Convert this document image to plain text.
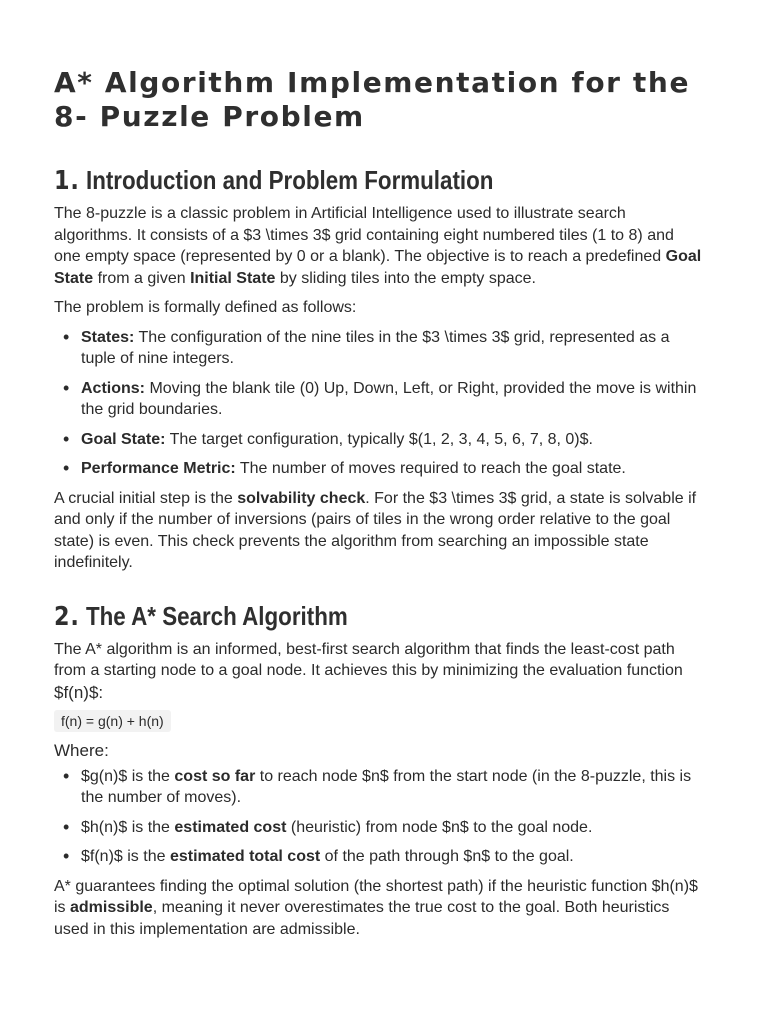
A* Algorithm Implementation for the 8- Puzzle Problem
1. Introduction and Problem Formulation

The 8-puzzle is a classic problem in Artificial Intelligence used to illustrate search algorithms. It consists of a $3 \times 3$ grid containing eight numbered tiles (1 to 8) and one empty space (represented by 0 or a blank). The objective is to reach a predefined Goal State from a given Initial State by sliding tiles into the empty space.

The problem is formally defined as follows:

• States: The configuration of the nine tiles in the $3 \times 3$ grid, represented as a tuple of nine integers.
• Actions: Moving the blank tile (0) Up, Down, Left, or Right, provided the move is within the grid boundaries.
• Goal State: The target configuration, typically $(1, 2, 3, 4, 5, 6, 7, 8, 0)$.
• Performance Metric: The number of moves required to reach the goal state.

A crucial initial step is the solvability check. For the $3 \times 3$ grid, a state is solvable if and only if the number of inversions (pairs of tiles in the wrong order relative to the goal state) is even. This check prevents the algorithm from searching an impossible state indefinitely.

2. The A* Search Algorithm

The A* algorithm is an informed, best-first search algorithm that finds the least-cost path from a starting node to a goal node. It achieves this by minimizing the evaluation function

$f(n)$:
f(n) = g(n) + h(n)
Where:
• $g(n)$ is the cost so far to reach node $n$ from the start node (in the 8-puzzle, this is the number of moves).
• $h(n)$ is the estimated cost (heuristic) from node $n$ to the goal node.
• $f(n)$ is the estimated total cost of the path through $n$ to the goal.

A* guarantees finding the optimal solution (the shortest path) if the heuristic function $h(n)$ is admissible, meaning it never overestimates the true cost to the goal. Both heuristics used in this implementation are admissible.
